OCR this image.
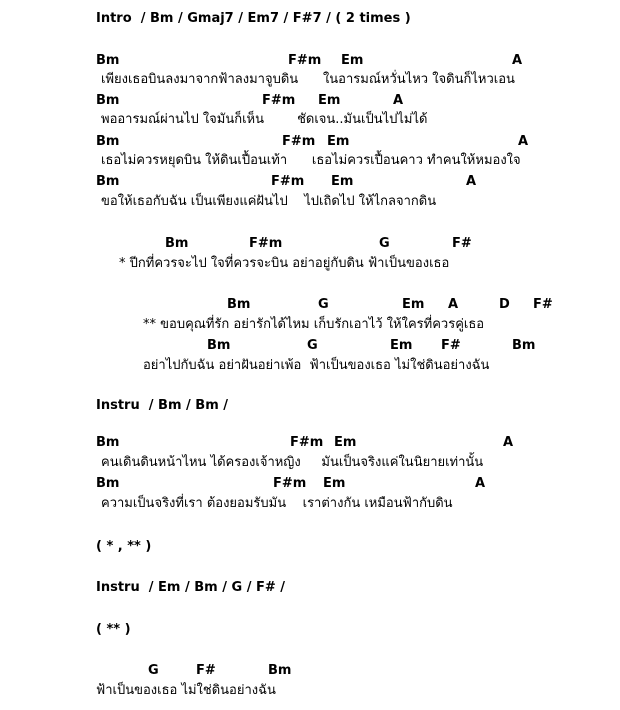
Intro  / Bm / Gmaj7 / Em7 / F#7 / ( 2 times )
Bm	F#m Em	A
เพียงเธอบินลงมาจากฟ้าลงมาจูบดิน      ในอารมณ์หวั่นไหว ใจดินก็ไหวเอน
Bm	F#m Em	A
พออารมณ์ผ่านไป ใจมันก็เห็น        ชัดเจน..มันเป็นไปไม่ได้
Bm	F#m Em	A
เธอไม่ควรหยุดบิน ให้ดินเปื้อนเท้า      เธอไม่ควรเปื้อนคาว ทำคนให้หมองใจ
Bm	F#m Em	A
ขอให้เธอกับฉัน เป็นเพียงแค่ฝันไป    ไปเถิดไป ให้ไกลจากดิน
Bm	F#m	G	F#
* ปีกที่ควรจะไป ใจที่ควรจะบิน อย่าอยู่กับดิน ฟ้าเป็นของเธอ
Bm	G	Em A	D F#
** ขอบคุณที่รัก อย่ารักได้ไหม เก็บรักเอาไว้ ให้ใครที่ควรคู่เธอ
Bm	G	Em F#	Bm
อย่าไปกับฉัน อย่าฝันอย่าเพ้อ  ฟ้าเป็นของเธอ ไม่ใช่ดินอย่างฉัน
Instru  / Bm / Bm /
Bm	F#m Em	A
คนเดินดินหน้าไหน ได้ครองเจ้าหญิง     มันเป็นจริงแค่ในนิยายเท่านั้น
Bm	F#m Em	A
ความเป็นจริงที่เรา ต้องยอมรับมัน    เราต่างกัน เหมือนฟ้ากับดิน
( * , ** )
Instru  / Em / Bm / G / F# /
( ** )
G	F#	Bm
ฟ้าเป็นของเธอ ไม่ใช่ดินอย่างฉัน
